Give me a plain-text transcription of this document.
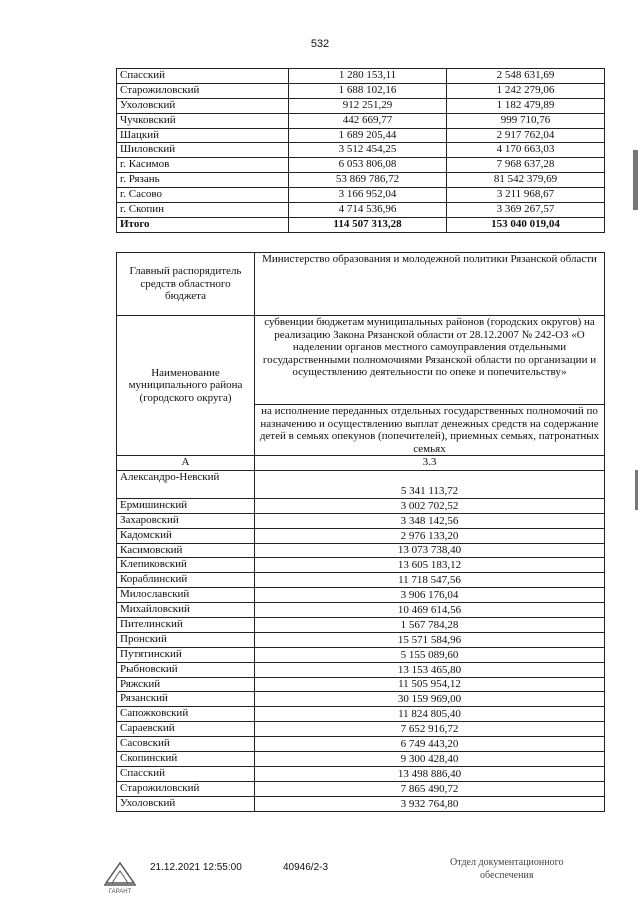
532
Спасский	1 280 153,11	2 548 631,69
Старожиловский	1 688 102,16	1 242 279,06
Ухоловский	912 251,29	1 182 479,89
Чучковский	442 669,77	999 710,76
Шацкий	1 689 205,44	2 917 762,04
Шиловский	3 512 454,25	4 170 663,03
г. Касимов	6 053 806,08	7 968 637,28
г. Рязань	53 869 786,72	81 542 379,69
г. Сасово	3 166 952,04	3 211 968,67
г. Скопин	4 714 536,96	3 369 267,57
Итого	114 507 313,28	153 040 019,04
Главный распорядитель средств областного бюджета	Министерство образования и молодежной политики Рязанской области
Наименование муниципального района (городского округа)	субвенции бюджетам муниципальных районов (городских округов) на реализацию Закона Рязанской области от 28.12.2007 № 242-ОЗ «О наделении органов местного самоуправления отдельными государственными полномочиями Рязанской области по организации и осуществлению деятельности по опеке и попечительству»
	на исполнение переданных отдельных государственных полномочий по назначению и осуществлению выплат денежных средств на содержание детей в семьях опекунов (попечителей), приемных семьях, патронатных семьях
А	3.3
Александро-Невский	5 341 113,72
Ермишинский	3 002 702,52
Захаровский	3 348 142,56
Кадомский	2 976 133,20
Касимовский	13 073 738,40
Клепиковский	13 605 183,12
Кораблинский	11 718 547,56
Милославский	3 906 176,04
Михайловский	10 469 614,56
Пителинский	1 567 784,28
Пронский	15 571 584,96
Путятинский	5 155 089,60
Рыбновский	13 153 465,80
Ряжский	11 505 954,12
Рязанский	30 159 969,00
Сапожковский	11 824 805,40
Сараевский	7 652 916,72
Сасовский	6 749 443,20
Скопинский	9 300 428,40
Спасский	13 498 886,40
Старожиловский	7 865 490,72
Ухоловский	3 932 764,80
ГАРАНТ
21.12.2021 12:55:00	40946/2-3	Отдел документационного
обеспечения
